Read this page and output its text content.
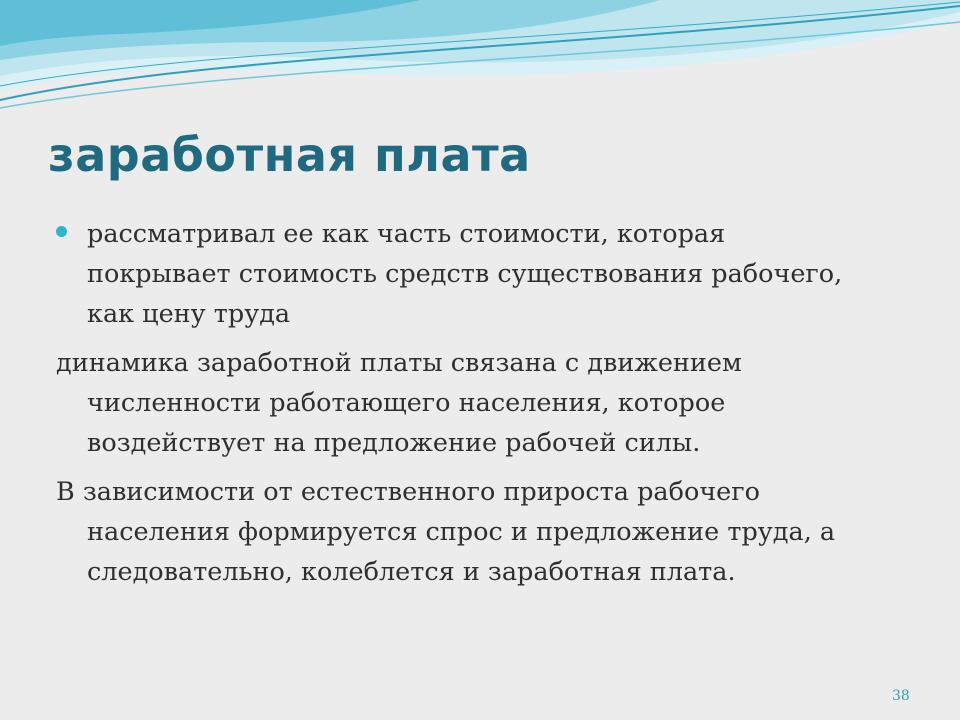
заработная плата

рассматривал ее как часть стоимости, которая покрывает стоимость средств существования рабочего, как цену труда

динамика заработной платы связана с движением численности работающего населения, которое воздействует на предложение рабочей силы.

В зависимости от естественного прироста рабочего населения формируется спрос и предложение труда, а следовательно, колеблется и заработная плата.

38
